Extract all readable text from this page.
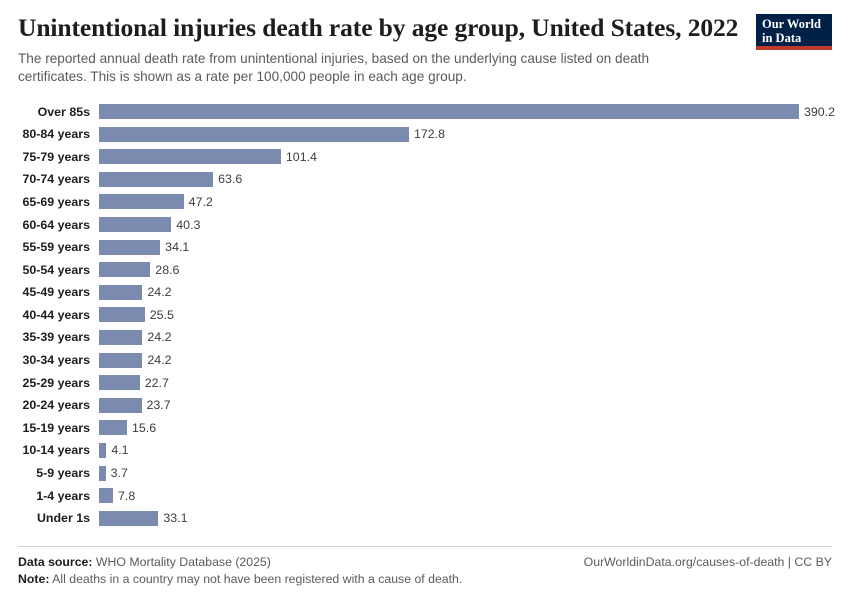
Unintentional injuries death rate by age group, United States, 2022

The reported annual death rate from unintentional injuries, based on the underlying cause listed on death certificates. This is shown as a rate per 100,000 people in each age group.

Our World
in Data
Over 85s	390.2
80-84 years	172.8
75-79 years	101.4
70-74 years	63.6
65-69 years	47.2
60-64 years	40.3
55-59 years	34.1
50-54 years	28.6
45-49 years	24.2
40-44 years	25.5
35-39 years	24.2
30-34 years	24.2
25-29 years	22.7
20-24 years	23.7
15-19 years	15.6
10-14 years	4.1
5-9 years	3.7
1-4 years	7.8
Under 1s	33.1
Data source: WHO Mortality Database (2025)	OurWorldinData.org/causes-of-death | CC BY
Note: All deaths in a country may not have been registered with a cause of death.
